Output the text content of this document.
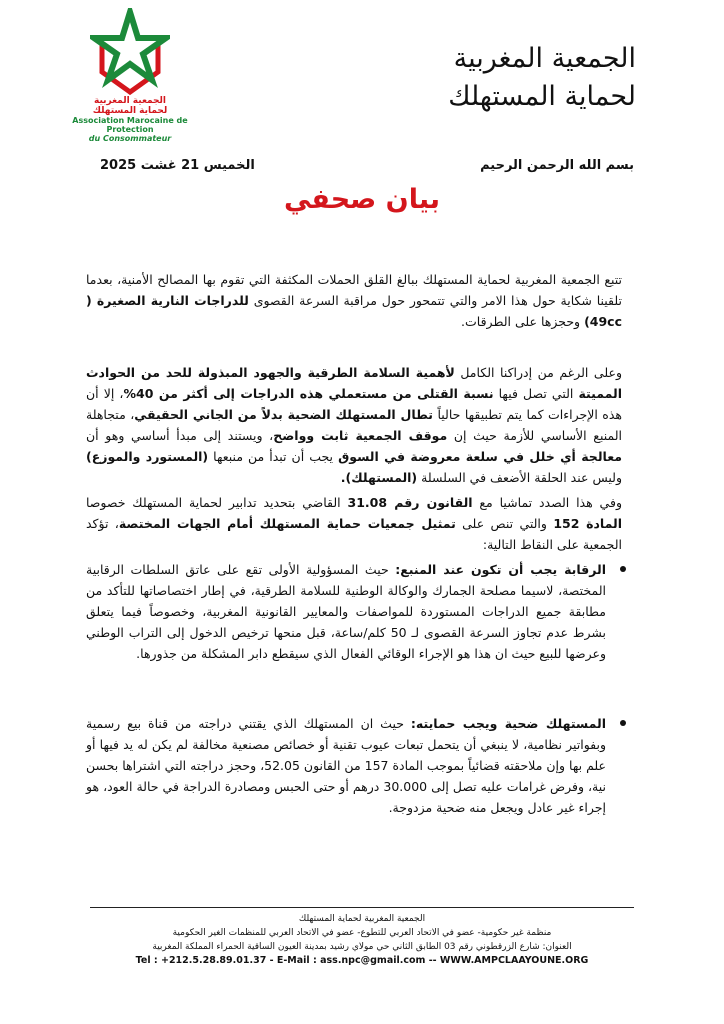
الجمعية المغربية
لحماية المستهلك
Association Marocaine de Protection
du Consommateur
الجمعية المغربية
لحماية المستهلك
بسم الله الرحمن الرحيم
الخميس 21 غشت 2025
بيان صحفي
تتبع الجمعية المغربية لحماية المستهلك ببالغ القلق الحملات المكثفة التي تقوم بها المصالح الأمنية، بعدما تلقينا شكاية حول هذا الامر والتي تتمحور حول مراقبة السرعة القصوى للدراجات النارية الصغيرة ( 49cc) وحجزها على الطرقات.
وعلى الرغم من إدراكنا الكامل لأهمية السلامة الطرقية والجهود المبذولة للحد من الحوادث المميتة التي تصل فيها نسبة القتلى من مستعملي هذه الدراجات إلى أكثر من 40%، إلا أن هذه الإجراءات كما يتم تطبيقها حالياً تطال المستهلك الضحية بدلاً من الجاني الحقيقي، متجاهلة المنبع الأساسي للأزمة حيث إن موقف الجمعية ثابت وواضح، ويستند إلى مبدأ أساسي وهو أن معالجة أي خلل في سلعة معروضة في السوق يجب أن تبدأ من منبعها (المستورد والموزع) وليس عند الحلقة الأضعف في السلسلة (المستهلك).
وفي هذا الصدد تماشيا مع القانون رقم 31.08 القاضي بتحديد تدابير لحماية المستهلك خصوصا المادة 152 والتي تنص على تمثيل جمعيات حماية المستهلك أمام الجهات المختصة، تؤكد الجمعية على النقاط التالية:
الرقابة يجب أن تكون عند المنبع: حيث المسؤولية الأولى تقع على عاتق السلطات الرقابية المختصة، لاسيما مصلحة الجمارك والوكالة الوطنية للسلامة الطرقية، في إطار اختصاصاتها للتأكد من مطابقة جميع الدراجات المستوردة للمواصفات والمعايير القانونية المغربية، وخصوصاً فيما يتعلق بشرط عدم تجاوز السرعة القصوى لـ 50 كلم/ساعة، قبل منحها ترخيص الدخول إلى التراب الوطني وعرضها للبيع حيث ان هذا هو الإجراء الوقائي الفعال الذي سيقطع دابر المشكلة من جذورها.
المستهلك ضحية ويجب حمايته: حيث ان المستهلك الذي يقتني دراجته من قناة بيع رسمية وبفواتير نظامية، لا ينبغي أن يتحمل تبعات عيوب تقنية أو خصائص مصنعية مخالفة لم يكن له يد فيها أو علم بها وإن ملاحقته قضائياً بموجب المادة 157 من القانون 52.05، وحجز دراجته التي اشتراها بحسن نية، وفرض غرامات عليه تصل إلى 30.000 درهم أو حتى الحبس ومصادرة الدراجة في حالة العود، هو إجراء غير عادل ويجعل منه ضحية مزدوجة.
الجمعية المغربية لحماية المستهلك
منظمة غير حكومية- عضو في الاتحاد العربي للتطوع- عضو في الاتحاد العربي للمنظمات الغير الحكومية
العنوان: شارع الزرقطوني رقم 03 الطابق الثاني حي مولاي رشيد بمدينة العيون الساقية الحمراء المملكة المغربية
Tel : +212.5.28.89.01.37 - E-Mail : ass.npc@gmail.com -- WWW.AMPCLAAYOUNE.ORG
